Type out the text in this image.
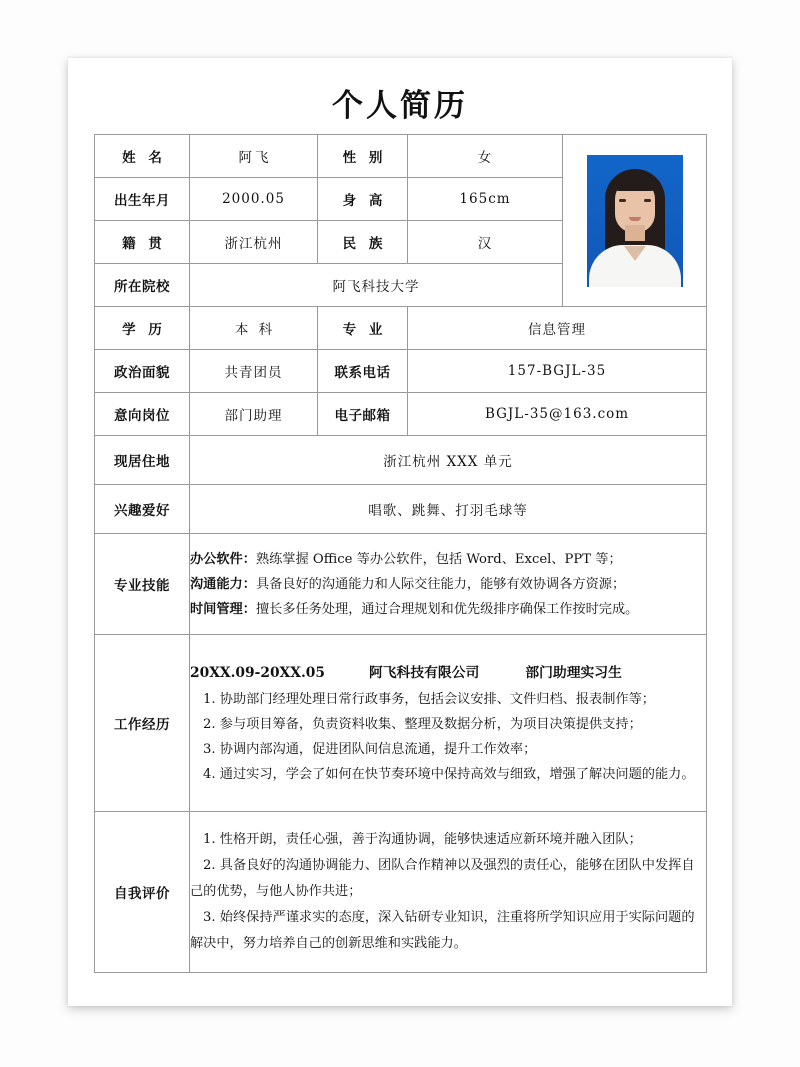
个人简历
姓 名	阿飞	性 别	女	

出生年月	2000.05	身 高	165cm	
籍 贯	浙江杭州	民 族	汉	
所在院校	阿飞科技大学			
学 历	本 科	专 业	信息管理	
政治面貌	共青团员	联系电话	157-BGJL-35	
意向岗位	部门助理	电子邮箱	BGJL-35@163.com	
现居住地	浙江杭州 XXX 单元			
兴趣爱好	唱歌、跳舞、打羽毛球等			
专业技能	办公软件：熟练掌握 Office 等办公软件，包括 Word、Excel、PPT 等；
沟通能力：具备良好的沟通能力和人际交往能力，能够有效协调各方资源；
时间管理：擅长多任务处理，通过合理规划和优先级排序确保工作按时完成。			

工作经历	20XX.09-20XX.05 阿飞科技有限公司 部门助理实习生
1. 协助部门经理处理日常行政事务，包括会议安排、文件归档、报表制作等；
2. 参与项目筹备，负责资料收集、整理及数据分析，为项目决策提供支持；
3. 协调内部沟通，促进团队间信息流通，提升工作效率；
4. 通过实习，学会了如何在快节奏环境中保持高效与细致，增强了解决问题的能力。			

自我评价	1. 性格开朗，责任心强，善于沟通协调，能够快速适应新环境并融入团队；
2. 具备良好的沟通协调能力、团队合作精神以及强烈的责任心，能够在团队中发挥自己的优势，与他人协作共进；
3. 始终保持严谨求实的态度，深入钻研专业知识，注重将所学知识应用于实际问题的解决中，努力培养自己的创新思维和实践能力。			
